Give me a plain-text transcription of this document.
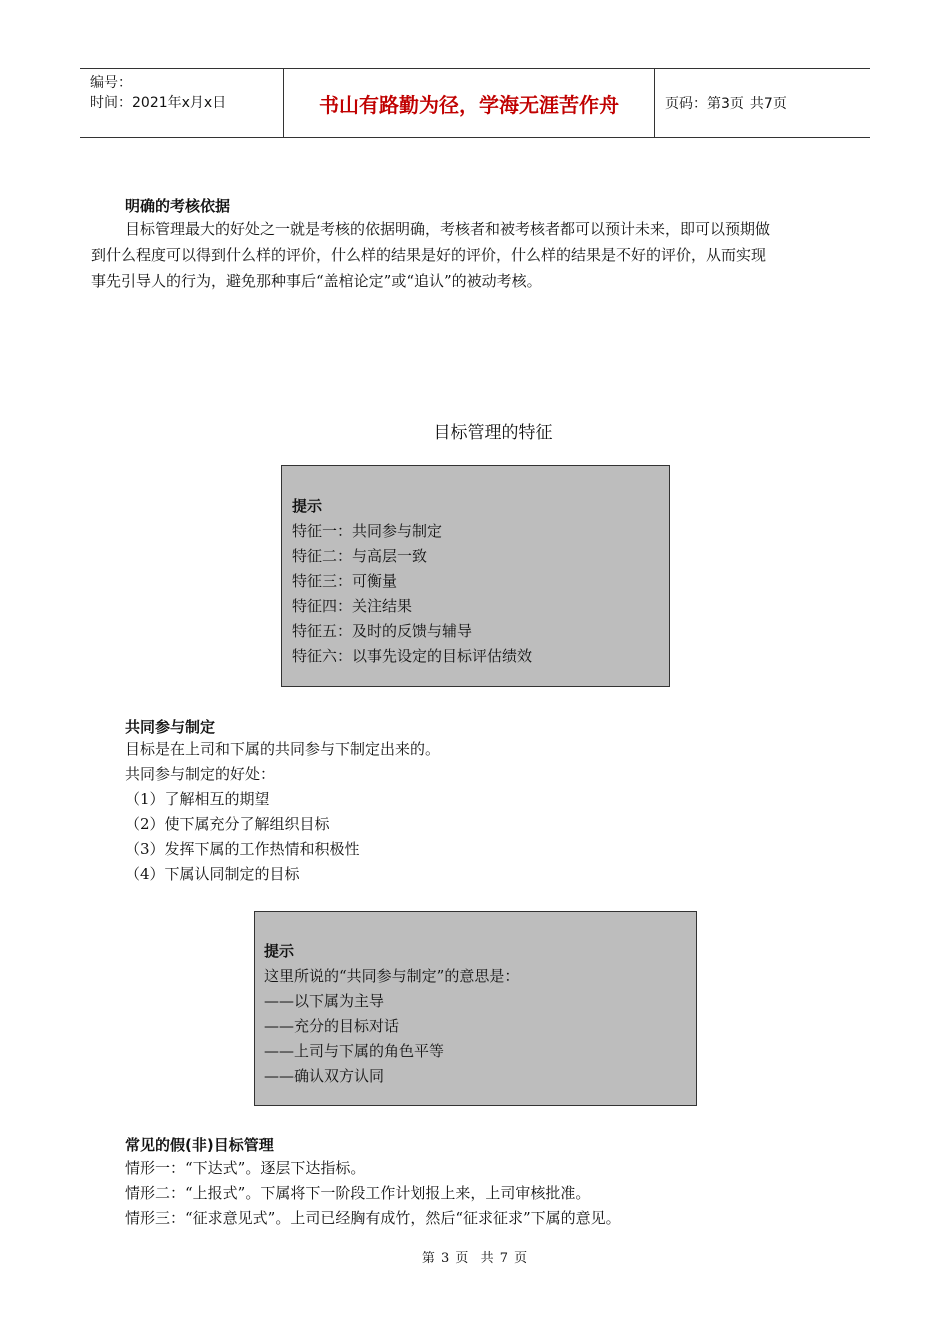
编号：
时间：2021年x月x日	书山有路勤为径，学海无涯苦作舟	页码：第3页 共7页
明确的考核依据
目标管理最大的好处之一就是考核的依据明确，考核者和被考核者都可以预计未来，即可以预期做
到什么程度可以得到什么样的评价，什么样的结果是好的评价，什么样的结果是不好的评价，从而实现
事先引导人的行为，避免那种事后“盖棺论定”或“追认”的被动考核。
目标管理的特征
提示
特征一：共同参与制定
特征二：与高层一致
特征三：可衡量
特征四：关注结果
特征五：及时的反馈与辅导
特征六：以事先设定的目标评估绩效
共同参与制定
目标是在上司和下属的共同参与下制定出来的。
共同参与制定的好处：
（1）了解相互的期望
（2）使下属充分了解组织目标
（3）发挥下属的工作热情和积极性
（4）下属认同制定的目标
提示
这里所说的“共同参与制定”的意思是：
——以下属为主导
——充分的目标对话
——上司与下属的角色平等
——确认双方认同
常见的假(非)目标管理
情形一：“下达式”。逐层下达指标。
情形二：“上报式”。下属将下一阶段工作计划报上来，上司审核批准。
情形三：“征求意见式”。上司已经胸有成竹，然后“征求征求”下属的意见。
第 3 页 共 7 页
